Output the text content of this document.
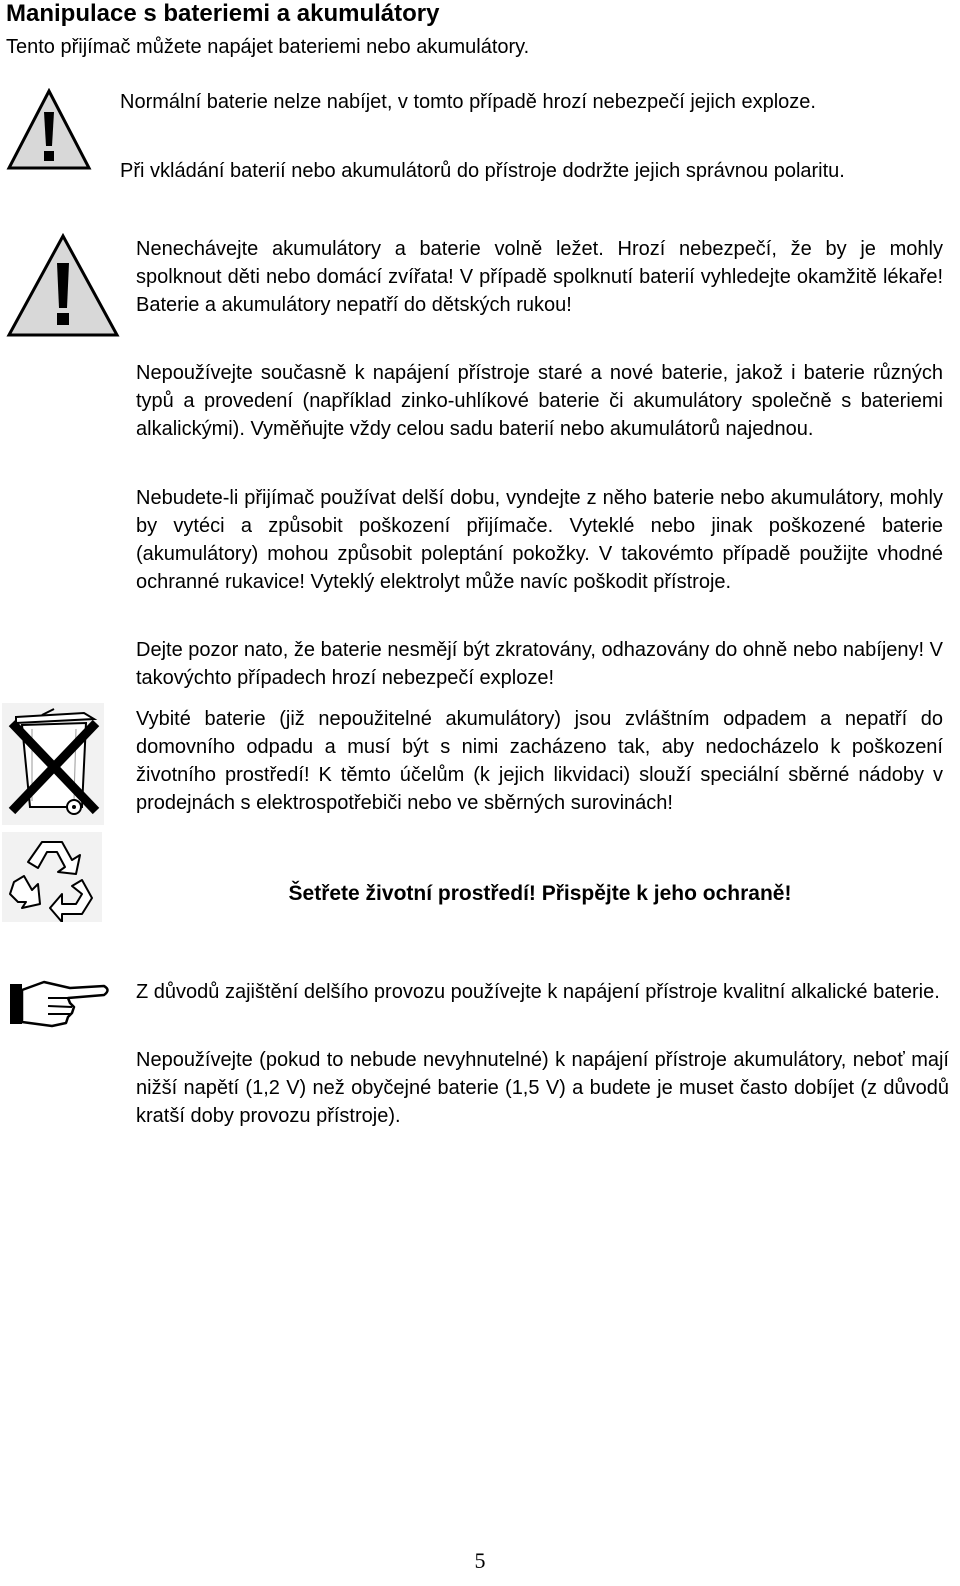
Manipulace s bateriemi a akumulátory
Tento přijímač můžete napájet bateriemi nebo akumulátory.
Normální baterie nelze nabíjet, v tomto případě hrozí nebezpečí jejich exploze.
Při vkládání baterií nebo akumulátorů do přístroje dodržte jejich správnou polaritu.
Nenechávejte akumulátory a baterie volně ležet. Hrozí nebezpečí, že by je mohly spolknout děti nebo domácí zvířata! V případě spolknutí baterií vyhledejte okamžitě lékaře! Baterie a akumulátory nepatří do dětských rukou!
Nepoužívejte současně k napájení přístroje staré a nové baterie, jakož i baterie různých typů a provedení (například zinko-uhlíkové baterie či akumulátory společně s bateriemi alkalickými). Vyměňujte vždy celou sadu baterií nebo akumulátorů najednou.
Nebudete-li přijímač používat delší dobu, vyndejte z něho baterie nebo akumulátory, mohly by vytéci a způsobit poškození přijímače. Vyteklé nebo jinak poškozené baterie (akumulátory) mohou způsobit poleptání pokožky. V takovémto případě použijte vhodné ochranné rukavice! Vyteklý elektrolyt může navíc poškodit přístroje.
Dejte pozor nato, že baterie nesmějí být zkratovány, odhazovány do ohně nebo nabíjeny! V takovýchto případech hrozí nebezpečí exploze!
Vybité baterie (již nepoužitelné akumulátory) jsou zvláštním odpadem a nepatří do domovního odpadu a musí být s nimi zacházeno tak, aby nedocházelo k poškození životního prostředí! K těmto účelům (k jejich likvidaci) slouží speciální sběrné nádoby v prodejnách s elektrospotřebiči nebo ve sběrných surovinách!
Šetřete životní prostředí! Přispějte k jeho ochraně!
Z důvodů zajištění delšího provozu používejte k napájení přístroje kvalitní alkalické baterie.
Nepoužívejte (pokud to nebude nevyhnutelné) k napájení přístroje akumulátory, neboť mají nižší napětí (1,2 V) než obyčejné baterie (1,5 V) a budete je muset často dobíjet (z důvodů kratší doby provozu přístroje).
5
